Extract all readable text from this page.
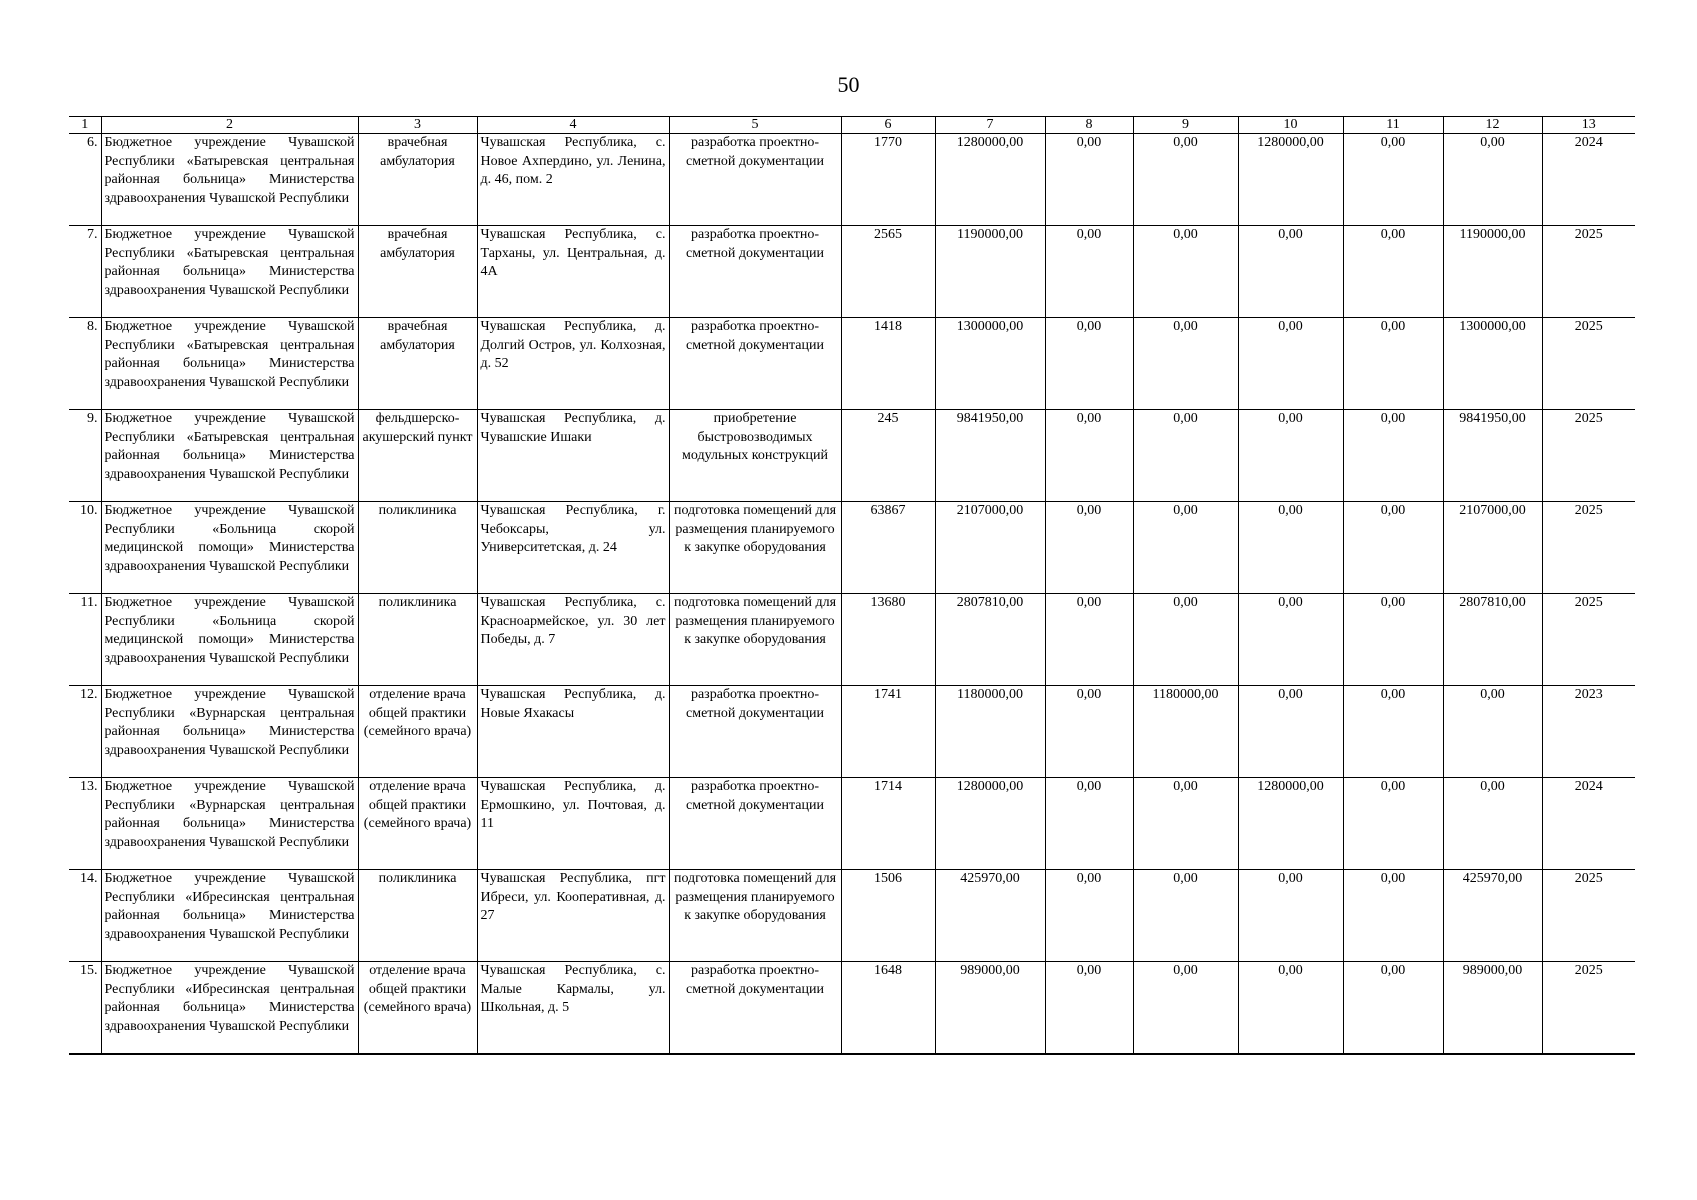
50
1	2	3	4	5	6	7	8	9	10	11	12	13
6.	Бюджетное учреждение Чувашской Республики «Батыревская центральная районная больница» Министерства здравоохранения Чувашской Республики	врачебная амбулатория	Чувашская Республика, с. Новое Ахпердино, ул. Ленина, д. 46, пом. 2	разработка проектно-сметной документации	1770	1280000,00	0,00	0,00	1280000,00	0,00	0,00	2024
7.	Бюджетное учреждение Чувашской Республики «Батыревская центральная районная больница» Министерства здравоохранения Чувашской Республики	врачебная амбулатория	Чувашская Республика, с. Тарханы, ул. Центральная, д. 4А	разработка проектно-сметной документации	2565	1190000,00	0,00	0,00	0,00	0,00	1190000,00	2025
8.	Бюджетное учреждение Чувашской Республики «Батыревская центральная районная больница» Министерства здравоохранения Чувашской Республики	врачебная амбулатория	Чувашская Республика, д. Долгий Остров, ул. Колхозная, д. 52	разработка проектно-сметной документации	1418	1300000,00	0,00	0,00	0,00	0,00	1300000,00	2025
9.	Бюджетное учреждение Чувашской Республики «Батыревская центральная районная больница» Министерства здравоохранения Чувашской Республики	фельдшерско-акушерский пункт	Чувашская Республика, д. Чувашские Ишаки	приобретение быстровозводимых модульных конструкций	245	9841950,00	0,00	0,00	0,00	0,00	9841950,00	2025
10.	Бюджетное учреждение Чувашской Республики «Больница скорой медицинской помощи» Министерства здравоохранения Чувашской Республики	поликлиника	Чувашская Республика, г. Чебоксары, ул. Университетская, д. 24	подготовка помещений для размещения планируемого к закупке оборудования	63867	2107000,00	0,00	0,00	0,00	0,00	2107000,00	2025
11.	Бюджетное учреждение Чувашской Республики «Больница скорой медицинской помощи» Министерства здравоохранения Чувашской Республики	поликлиника	Чувашская Республика, с. Красноармейское, ул. 30 лет Победы, д. 7	подготовка помещений для размещения планируемого к закупке оборудования	13680	2807810,00	0,00	0,00	0,00	0,00	2807810,00	2025
12.	Бюджетное учреждение Чувашской Республики «Вурнарская центральная районная больница» Министерства здравоохранения Чувашской Республики	отделение врача общей практики (семейного врача)	Чувашская Республика, д. Новые Яхакасы	разработка проектно-сметной документации	1741	1180000,00	0,00	1180000,00	0,00	0,00	0,00	2023
13.	Бюджетное учреждение Чувашской Республики «Вурнарская центральная районная больница» Министерства здравоохранения Чувашской Республики	отделение врача общей практики (семейного врача)	Чувашская Республика, д. Ермошкино, ул. Почтовая, д. 11	разработка проектно-сметной документации	1714	1280000,00	0,00	0,00	1280000,00	0,00	0,00	2024
14.	Бюджетное учреждение Чувашской Республики «Ибресинская центральная районная больница» Министерства здравоохранения Чувашской Республики	поликлиника	Чувашская Республика, пгт Ибреси, ул. Кооперативная, д. 27	подготовка помещений для размещения планируемого к закупке оборудования	1506	425970,00	0,00	0,00	0,00	0,00	425970,00	2025
15.	Бюджетное учреждение Чувашской Республики «Ибресинская центральная районная больница» Министерства здравоохранения Чувашской Республики	отделение врача общей практики (семейного врача)	Чувашская Республика, с. Малые Кармалы, ул. Школьная, д. 5	разработка проектно-сметной документации	1648	989000,00	0,00	0,00	0,00	0,00	989000,00	2025
